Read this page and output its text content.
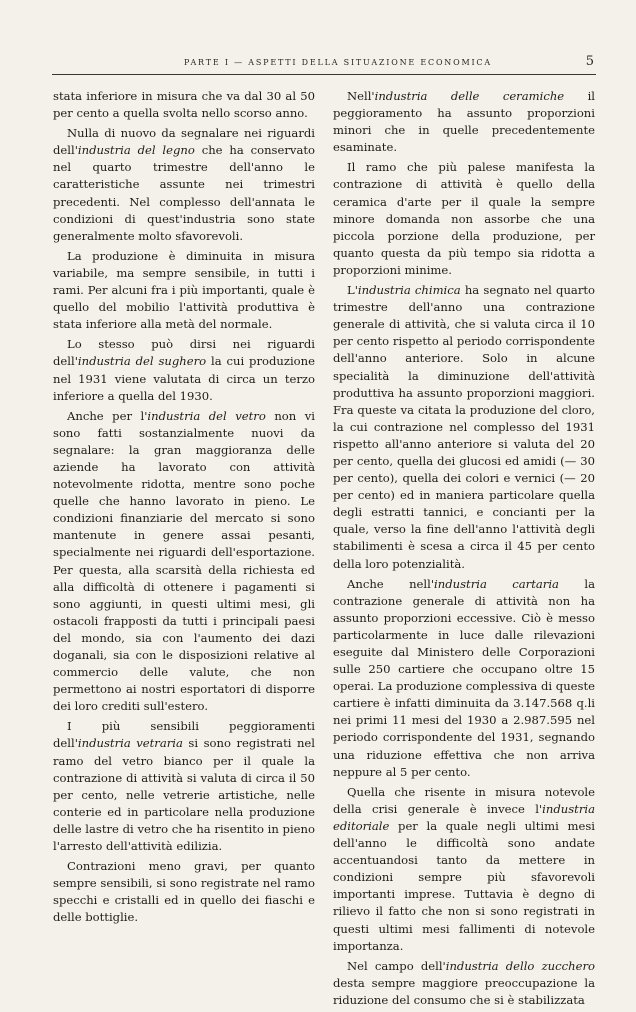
PARTE I — ASPETTI DELLA SITUAZIONE ECONOMICA	5

stata inferiore in misura che va dal 30 al 50 per cento a quella svolta nello scorso anno.

Nulla di nuovo da segnalare nei riguardi dell'industria del legno che ha conservato nel quarto trimestre dell'anno le caratteristiche assunte nei trimestri precedenti. Nel complesso dell'annata le condizioni di quest'industria sono state generalmente molto sfavorevoli.

La produzione è diminuita in misura variabile, ma sempre sensibile, in tutti i rami. Per alcuni fra i più importanti, quale è quello del mobilio l'attività produttiva è stata inferiore alla metà del normale.

Lo stesso può dirsi nei riguardi dell'industria del sughero la cui produzione nel 1931 viene valutata di circa un terzo inferiore a quella del 1930.

Anche per l'industria del vetro non vi sono fatti sostanzialmente nuovi da segnalare: la gran maggioranza delle aziende ha lavorato con attività notevolmente ridotta, mentre sono poche quelle che hanno lavorato in pieno. Le condizioni finanziarie del mercato si sono mantenute in genere assai pesanti, specialmente nei riguardi dell'esportazione. Per questa, alla scarsità della richiesta ed alla difficoltà di ottenere i pagamenti si sono aggiunti, in questi ultimi mesi, gli ostacoli frapposti da tutti i principali paesi del mondo, sia con l'aumento dei dazi doganali, sia con le disposizioni relative al commercio delle valute, che non permettono ai nostri esportatori di disporre dei loro crediti sull'estero.

I più sensibili peggioramenti dell'industria vetraria si sono registrati nel ramo del vetro bianco per il quale la contrazione di attività si valuta di circa il 50 per cento, nelle vetrerie artistiche, nelle conterie ed in particolare nella produzione delle lastre di vetro che ha risentito in pieno l'arresto dell'attività edilizia.

Contrazioni meno gravi, per quanto sempre sensibili, si sono registrate nel ramo specchi e cristalli ed in quello dei fiaschi e delle bottiglie.

Nell'industria delle ceramiche il peggioramento ha assunto proporzioni minori che in quelle precedentemente esaminate.

Il ramo che più palese manifesta la contrazione di attività è quello della ceramica d'arte per il quale la sempre minore domanda non assorbe che una piccola porzione della produzione, per quanto questa da più tempo sia ridotta a proporzioni minime.

L'industria chimica ha segnato nel quarto trimestre dell'anno una contrazione generale di attività, che si valuta circa il 10 per cento rispetto al periodo corrispondente dell'anno anteriore. Solo in alcune specialità la diminuzione dell'attività produttiva ha assunto proporzioni maggiori. Fra queste va citata la produzione del cloro, la cui contrazione nel complesso del 1931 rispetto all'anno anteriore si valuta del 20 per cento, quella dei glucosi ed amidi (— 30 per cento), quella dei colori e vernici (— 20 per cento) ed in maniera particolare quella degli estratti tannici, e concianti per la quale, verso la fine dell'anno l'attività degli stabilimenti è scesa a circa il 45 per cento della loro potenzialità.

Anche nell'industria cartaria la contrazione generale di attività non ha assunto proporzioni eccessive. Ciò è messo particolarmente in luce dalle rilevazioni eseguite dal Ministero delle Corporazioni sulle 250 cartiere che occupano oltre 15 operai. La produzione complessiva di queste cartiere è infatti diminuita da 3.147.568 q.li nei primi 11 mesi del 1930 a 2.987.595 nel periodo corrispondente del 1931, segnando una riduzione effettiva che non arriva neppure al 5 per cento.

Quella che risente in misura notevole della crisi generale è invece l'industria editoriale per la quale negli ultimi mesi dell'anno le difficoltà sono andate accentuandosi tanto da mettere in condizioni sempre più sfavorevoli importanti imprese. Tuttavia è degno di rilievo il fatto che non si sono registrati in questi ultimi mesi fallimenti di notevole importanza.

Nel campo dell'industria dello zucchero desta sempre maggiore preoccupazione la riduzione del consumo che si è stabilizzata
